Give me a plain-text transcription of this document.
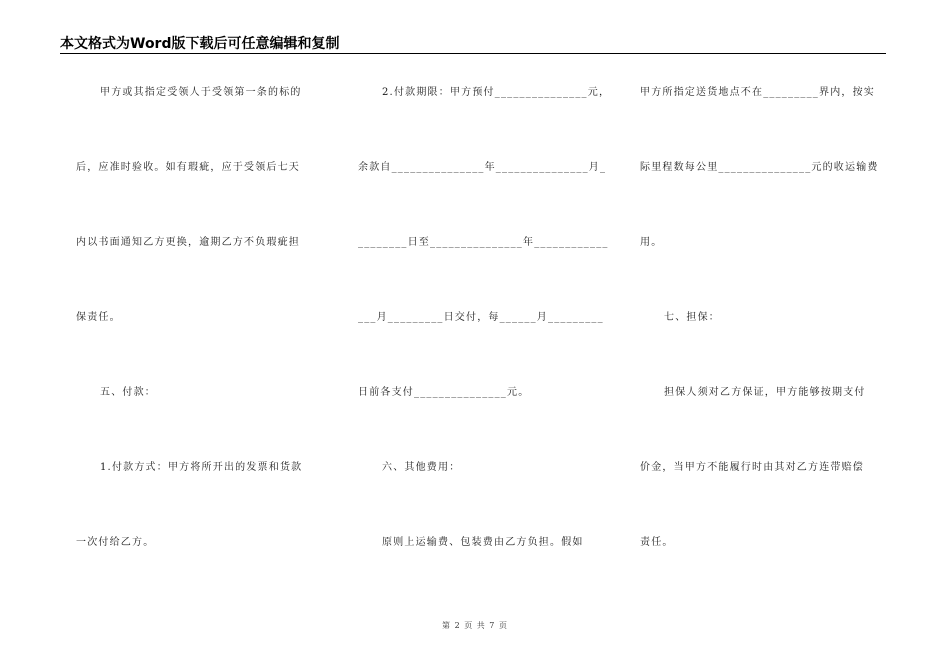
本文格式为Word版下载后可任意编辑和复制

甲方或其指定受领人于受领第一条的标的

后，应准时验收。如有瑕疵，应于受领后七天

内以书面通知乙方更换，逾期乙方不负瑕疵担

保责任。

五、付款：

1.付款方式：甲方将所开出的发票和货款

一次付给乙方。

2.付款期限：甲方预付_______________元，

余款自_______________年_______________月_

________日至_______________年____________

___月_________日交付，每______月_________

日前各支付_______________元。

六、其他费用：

原则上运输费、包装费由乙方负担。假如

甲方所指定送货地点不在_________界内，按实

际里程数每公里_______________元的收运输费

用。

七、担保：

担保人须对乙方保证，甲方能够按期支付

价金，当甲方不能履行时由其对乙方连带赔偿

责任。

第 2 页 共 7 页
